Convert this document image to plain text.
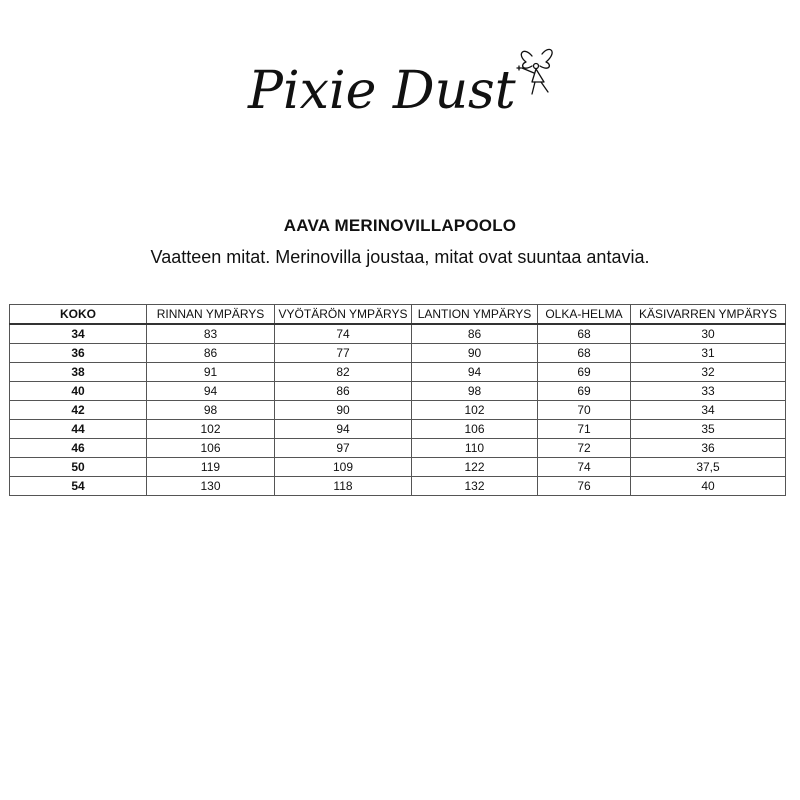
Pixie Dust
AAVA MERINOVILLAPOOLO
Vaatteen mitat. Merinovilla joustaa, mitat ovat suuntaa antavia.
KOKO	RINNAN YMPÄRYS	VYÖTÄRÖN YMPÄRYS	LANTION YMPÄRYS	OLKA-HELMA	KÄSIVARREN YMPÄRYS
34	83	74	86	68	30
36	86	77	90	68	31
38	91	82	94	69	32
40	94	86	98	69	33
42	98	90	102	70	34
44	102	94	106	71	35
46	106	97	110	72	36
50	119	109	122	74	37,5
54	130	118	132	76	40
